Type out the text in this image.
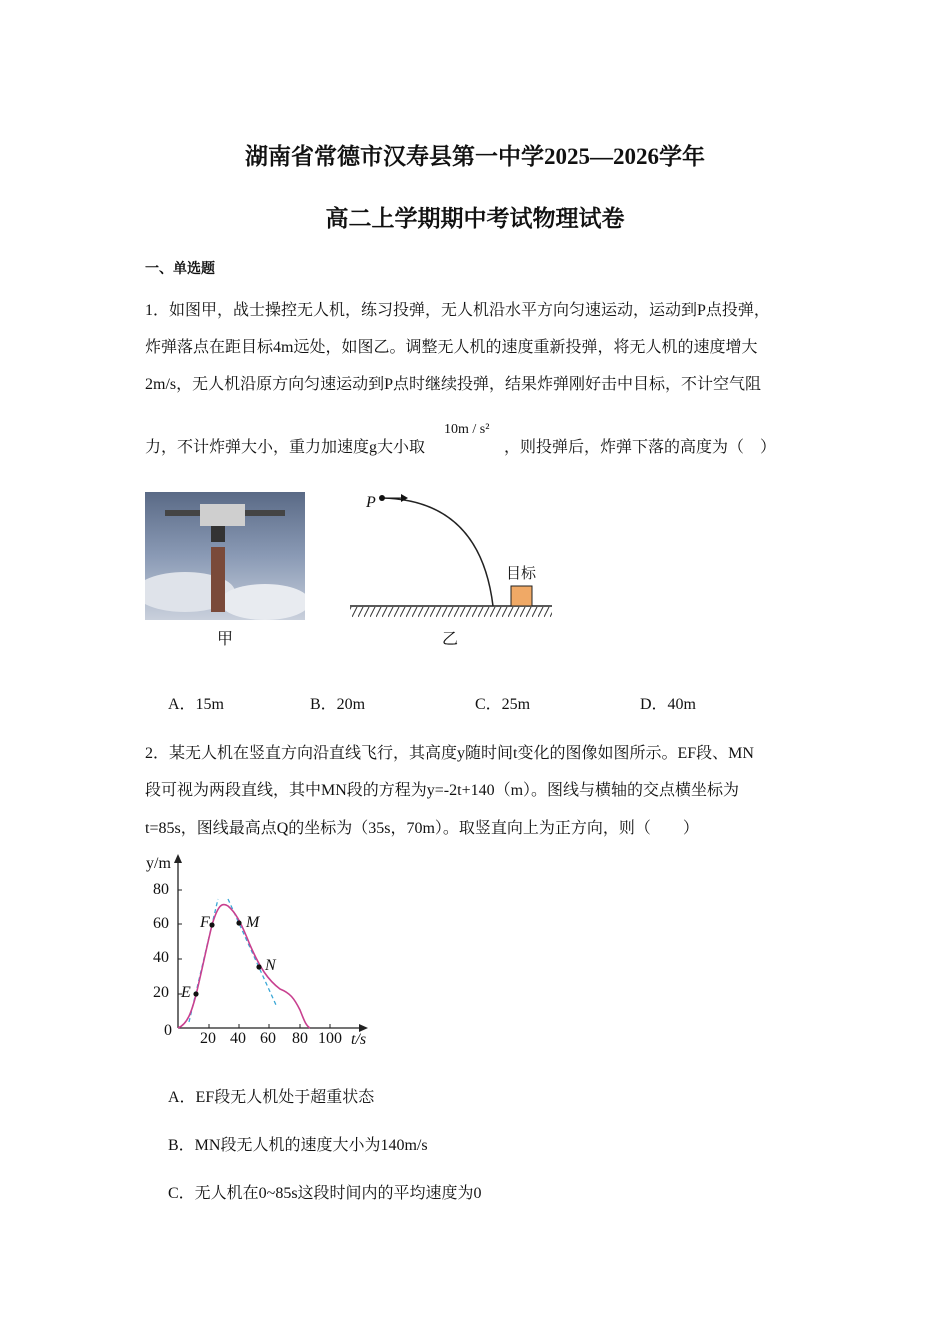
湖南省常德市汉寿县第一中学2025—2026学年
高二上学期期中考试物理试卷
一、单选题
1．如图甲，战士操控无人机，练习投弹，无人机沿水平方向匀速运动，运动到P点投弹，
炸弹落点在距目标4m远处，如图乙。调整无人机的速度重新投弹，将无人机的速度增大
2m/s，无人机沿原方向匀速运动到P点时继续投弹，结果炸弹刚好击中目标，不计空气阻
力，不计炸弹大小，重力加速度g大小取
10m / s²
，则投弹后，炸弹下落的高度为（　）
甲
P
目标
乙
A．15m	B．20m	C．25m	D．40m
2．某无人机在竖直方向沿直线飞行，其高度y随时间t变化的图像如图所示。EF段、MN
段可视为两段直线，其中MN段的方程为y=-2t+140（m）。图线与横轴的交点横坐标为
t=85s，图线最高点Q的坐标为（35s，70m）。取竖直向上为正方向，则（　　）
y/m
80
60
40
20
0 20 40 60 80 100 t/s
E
F M
N
A．EF段无人机处于超重状态
B．MN段无人机的速度大小为140m/s
C．无人机在0~85s这段时间内的平均速度为0
